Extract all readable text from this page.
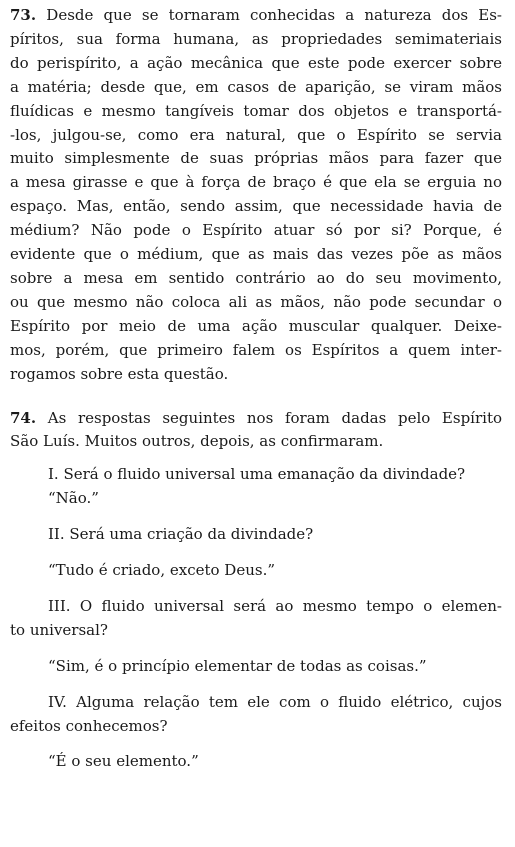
73. Desde que se tornaram conhecidas a natureza dos Es-
píritos, sua forma humana, as propriedades semimateriais
do perispírito, a ação mecânica que este pode exercer sobre
a matéria; desde que, em casos de aparição, se viram mãos
fluídicas e mesmo tangíveis tomar dos objetos e transportá-
-los, julgou-se, como era natural, que o Espírito se servia
muito simplesmente de suas próprias mãos para fazer que
a mesa girasse e que à força de braço é que ela se erguia no
espaço. Mas, então, sendo assim, que necessidade havia de
médium? Não pode o Espírito atuar só por si? Porque, é
evidente que o médium, que as mais das vezes põe as mãos
sobre a mesa em sentido contrário ao do seu movimento,
ou que mesmo não coloca ali as mãos, não pode secundar o
Espírito por meio de uma ação muscular qualquer. Deixe-
mos, porém, que primeiro falem os Espíritos a quem inter-
rogamos sobre esta questão.

74. As respostas seguintes nos foram dadas pelo Espírito
São Luís. Muitos outros, depois, as confirmaram.

I. Será o fluido universal uma emanação da divindade?
“Não.”
II. Será uma criação da divindade?
“Tudo é criado, exceto Deus.”
III. O fluido universal será ao mesmo tempo o elemen-
to universal?
“Sim, é o princípio elementar de todas as coisas.”
IV. Alguma relação tem ele com o fluido elétrico, cujos
efeitos conhecemos?
“É o seu elemento.”
